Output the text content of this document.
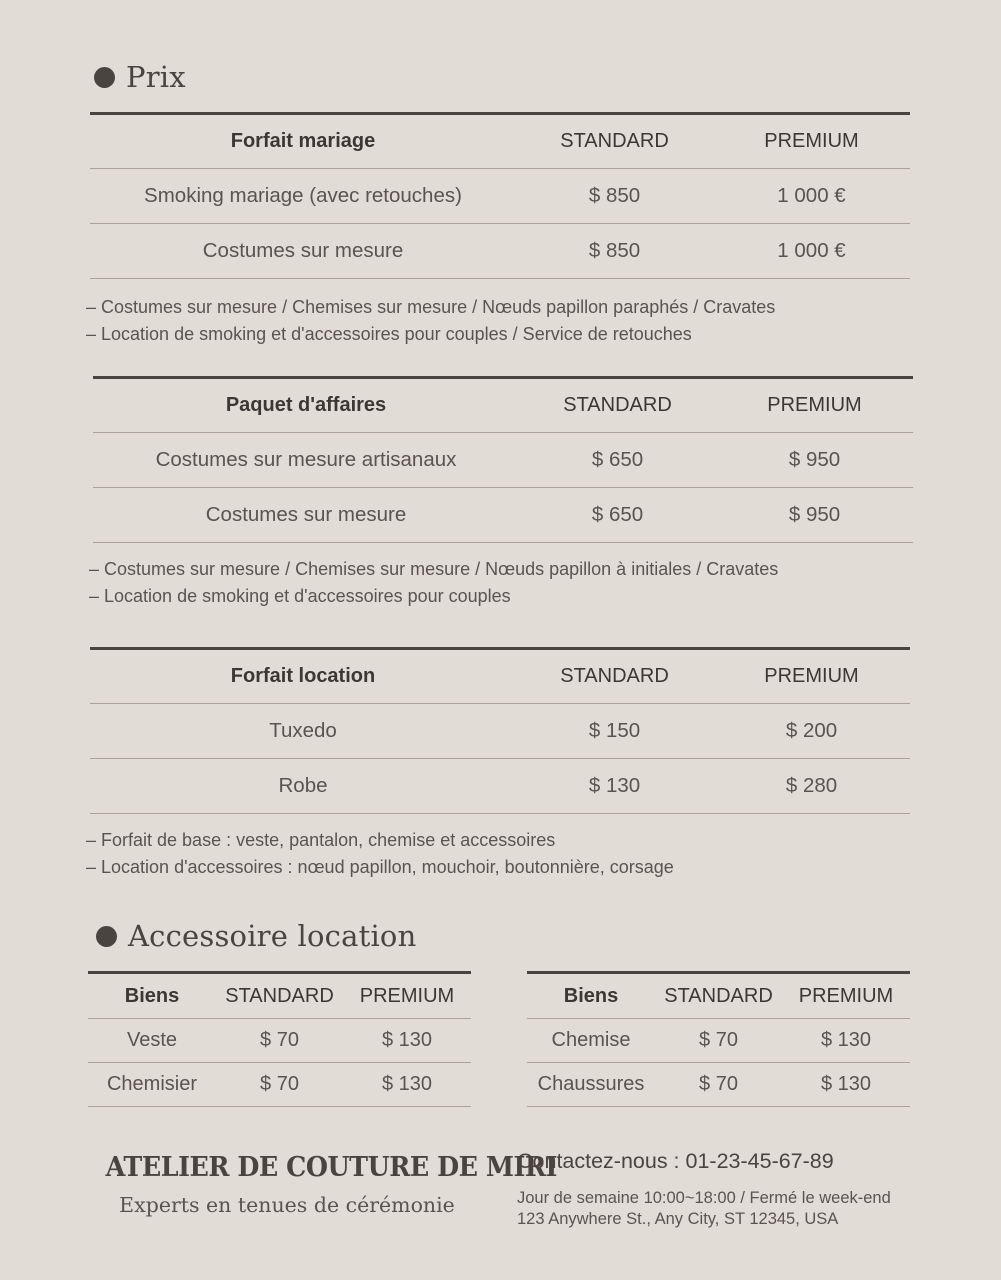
Prix
Forfait mariage	STANDARD	PREMIUM
Smoking mariage (avec retouches)	$ 850	1 000 €
Costumes sur mesure	$ 850	1 000 €
– Costumes sur mesure / Chemises sur mesure / Nœuds papillon paraphés / Cravates
– Location de smoking et d'accessoires pour couples / Service de retouches
Paquet d'affaires	STANDARD	PREMIUM
Costumes sur mesure artisanaux	$ 650	$ 950
Costumes sur mesure	$ 650	$ 950
– Costumes sur mesure / Chemises sur mesure / Nœuds papillon à initiales / Cravates
– Location de smoking et d'accessoires pour couples
Forfait location	STANDARD	PREMIUM
Tuxedo	$ 150	$ 200
Robe	$ 130	$ 280
– Forfait de base : veste, pantalon, chemise et accessoires
– Location d'accessoires : nœud papillon, mouchoir, boutonnière, corsage
Accessoire location
Biens	STANDARD	PREMIUM
Veste	$ 70	$ 130
Chemisier	$ 70	$ 130
Biens	STANDARD	PREMIUM
Chemise	$ 70	$ 130
Chaussures	$ 70	$ 130
ATELIER DE COUTURE DE MIRI
Experts en tenues de cérémonie
Contactez-nous : 01-23-45-67-89
Jour de semaine 10:00~18:00 / Fermé le week-end
123 Anywhere St., Any City, ST 12345, USA
